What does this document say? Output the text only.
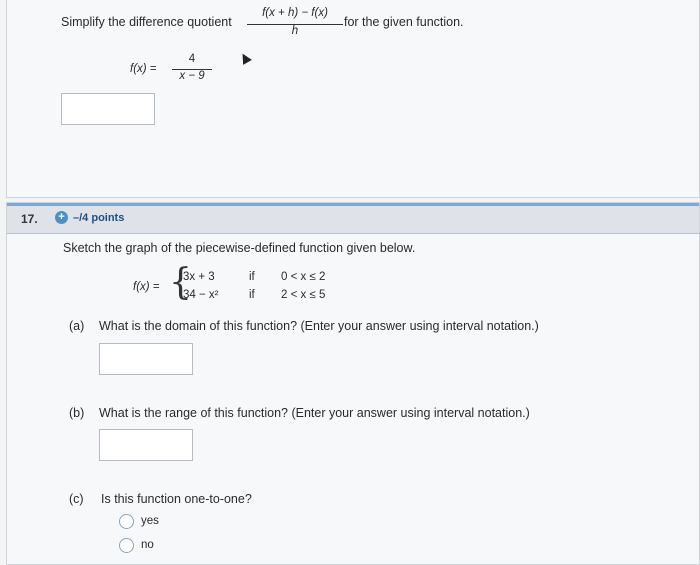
Simplify the difference quotient
f(x + h) − f(x)
h
for the given function.
f(x) =
4
x − 9
17. + –/4 points
Sketch the graph of the piecewise-defined function given below.
f(x) = {
3x + 3	if 0 < x ≤ 2
34 − x²	if 2 < x ≤ 5
(a) What is the domain of this function? (Enter your answer using interval notation.)
(b) What is the range of this function? (Enter your answer using interval notation.)
(c) Is this function one-to-one?
yes
no
